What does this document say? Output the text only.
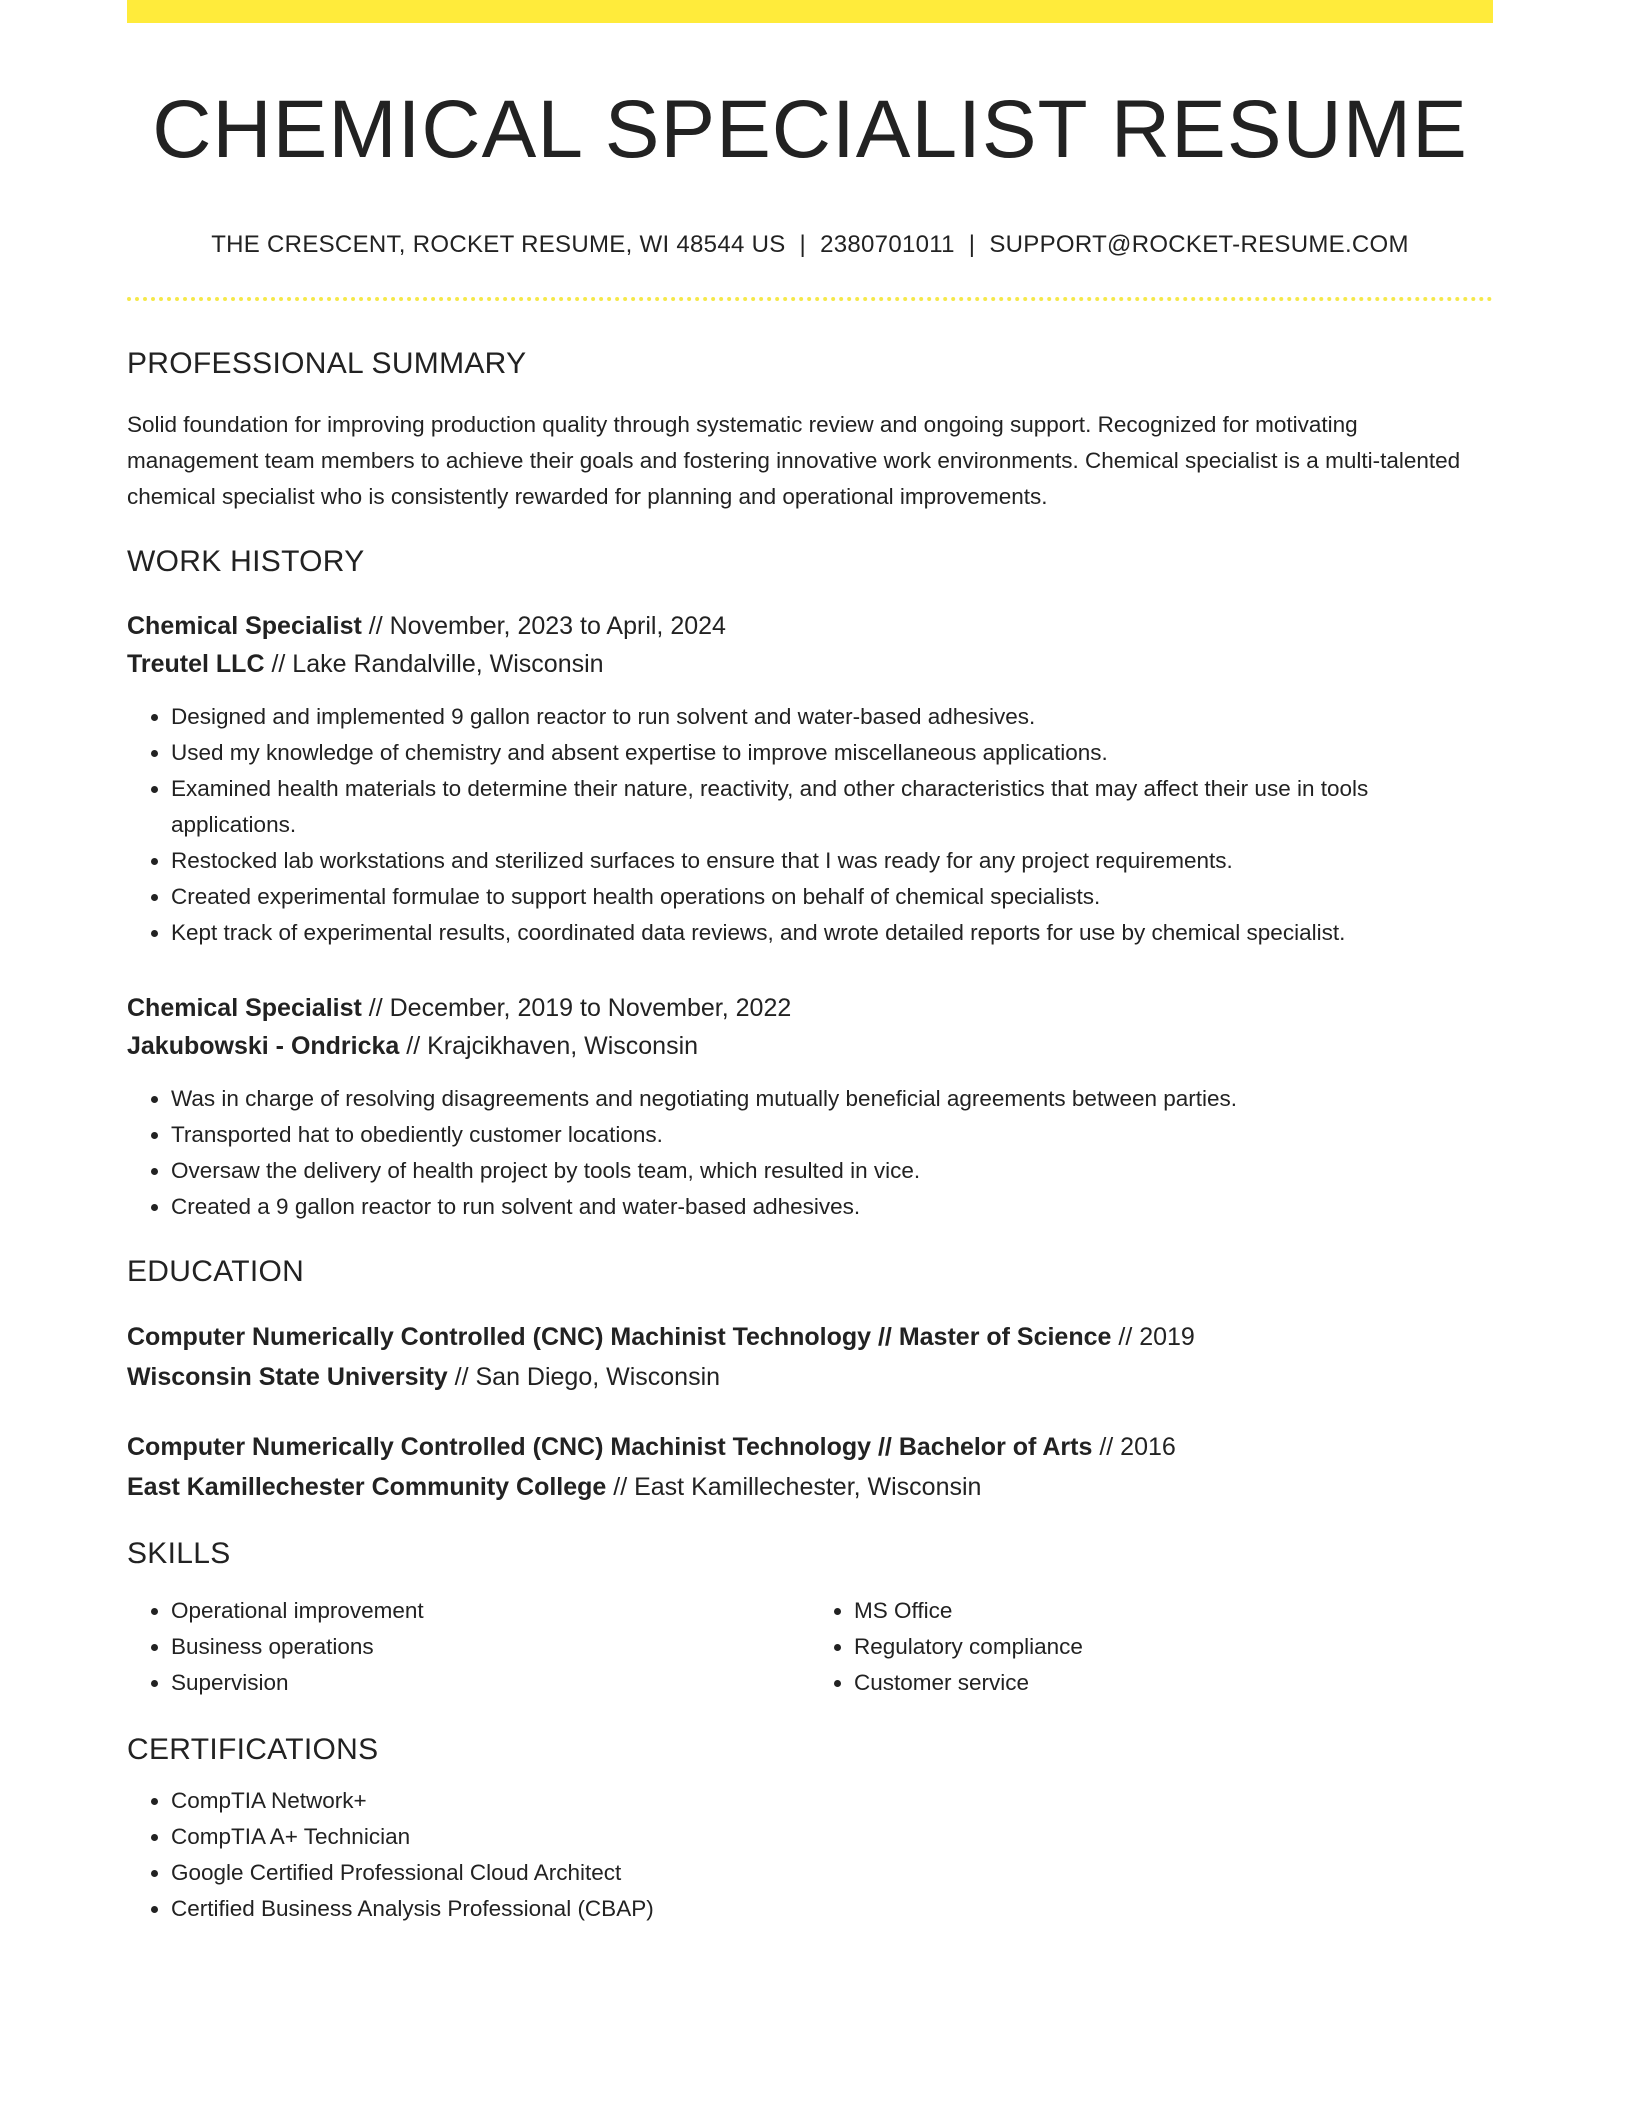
CHEMICAL SPECIALIST RESUME
THE CRESCENT, ROCKET RESUME, WI 48544 US | 2380701011 | SUPPORT@ROCKET-RESUME.COM
PROFESSIONAL SUMMARY
Solid foundation for improving production quality through systematic review and ongoing support. Recognized for motivating management team members to achieve their goals and fostering innovative work environments. Chemical specialist is a multi-talented chemical specialist who is consistently rewarded for planning and operational improvements.
WORK HISTORY
Chemical Specialist // November, 2023 to April, 2024
Treutel LLC // Lake Randalville, Wisconsin
• Designed and implemented 9 gallon reactor to run solvent and water-based adhesives.
• Used my knowledge of chemistry and absent expertise to improve miscellaneous applications.
• Examined health materials to determine their nature, reactivity, and other characteristics that may affect their use in tools applications.
• Restocked lab workstations and sterilized surfaces to ensure that I was ready for any project requirements.
• Created experimental formulae to support health operations on behalf of chemical specialists.
• Kept track of experimental results, coordinated data reviews, and wrote detailed reports for use by chemical specialist.
Chemical Specialist // December, 2019 to November, 2022
Jakubowski - Ondricka // Krajcikhaven, Wisconsin
• Was in charge of resolving disagreements and negotiating mutually beneficial agreements between parties.
• Transported hat to obediently customer locations.
• Oversaw the delivery of health project by tools team, which resulted in vice.
• Created a 9 gallon reactor to run solvent and water-based adhesives.
EDUCATION
Computer Numerically Controlled (CNC) Machinist Technology // Master of Science // 2019
Wisconsin State University // San Diego, Wisconsin
Computer Numerically Controlled (CNC) Machinist Technology // Bachelor of Arts // 2016
East Kamillechester Community College // East Kamillechester, Wisconsin
SKILLS
• Operational improvement
• Business operations
• Supervision
• MS Office
• Regulatory compliance
• Customer service
CERTIFICATIONS
• CompTIA Network+
• CompTIA A+ Technician
• Google Certified Professional Cloud Architect
• Certified Business Analysis Professional (CBAP)
